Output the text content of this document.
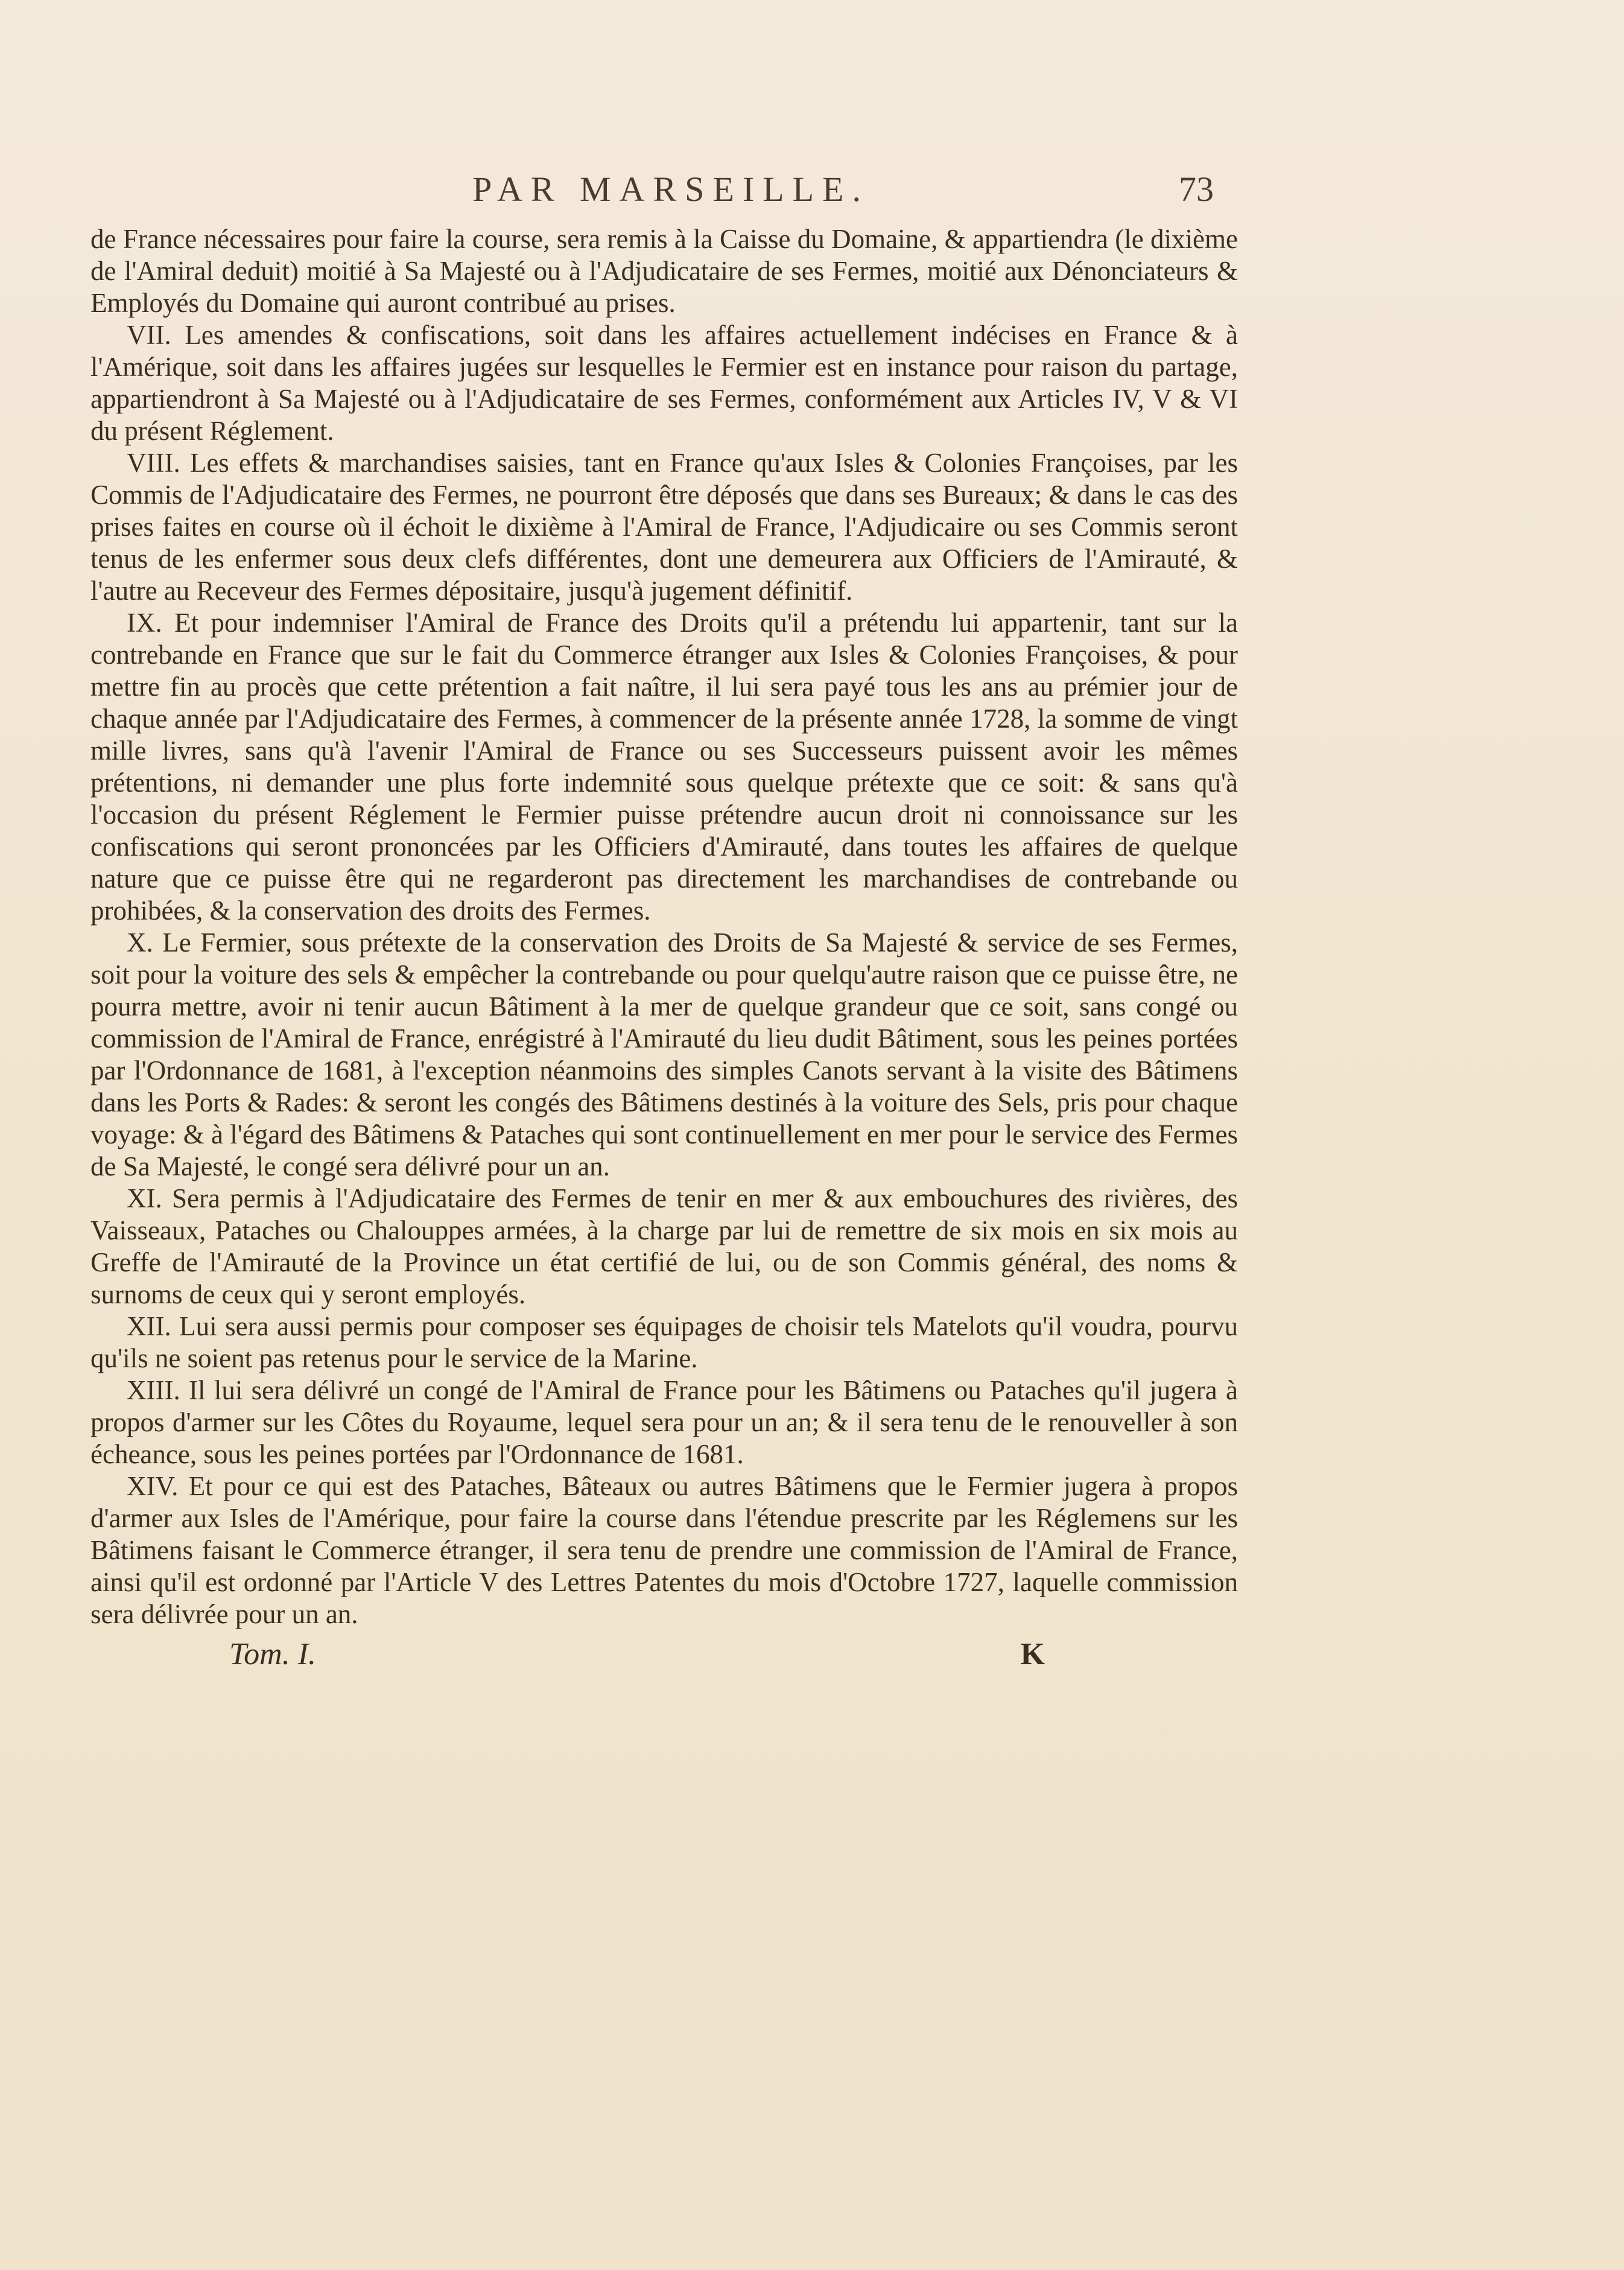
PAR MARSEILLE.	73

de France nécessaires pour faire la course, sera remis à la Caisse du Domaine, & appartiendra (le dixième de l'Amiral deduit) moitié à Sa Majesté ou à l'Adjudicataire de ses Fermes, moitié aux Dénonciateurs & Employés du Domaine qui auront contribué au prises.

VII. Les amendes & confiscations, soit dans les affaires actuellement indécises en France & à l'Amérique, soit dans les affaires jugées sur lesquelles le Fermier est en instance pour raison du partage, appartiendront à Sa Majesté ou à l'Adjudicataire de ses Fermes, conformément aux Articles IV, V & VI du présent Réglement.

VIII. Les effets & marchandises saisies, tant en France qu'aux Isles & Colonies Françoises, par les Commis de l'Adjudicataire des Fermes, ne pourront être déposés que dans ses Bureaux; & dans le cas des prises faites en course où il échoit le dixième à l'Amiral de France, l'Adjudicaire ou ses Commis seront tenus de les enfermer sous deux clefs différentes, dont une demeurera aux Officiers de l'Amirauté, & l'autre au Receveur des Fermes dépositaire, jusqu'à jugement définitif.

IX. Et pour indemniser l'Amiral de France des Droits qu'il a prétendu lui appartenir, tant sur la contrebande en France que sur le fait du Commerce étranger aux Isles & Colonies Françoises, & pour mettre fin au procès que cette prétention a fait naître, il lui sera payé tous les ans au prémier jour de chaque année par l'Adjudicataire des Fermes, à commencer de la présente année 1728, la somme de vingt mille livres, sans qu'à l'avenir l'Amiral de France ou ses Successeurs puissent avoir les mêmes prétentions, ni demander une plus forte indemnité sous quelque prétexte que ce soit: & sans qu'à l'occasion du présent Réglement le Fermier puisse prétendre aucun droit ni connoissance sur les confiscations qui seront prononcées par les Officiers d'Amirauté, dans toutes les affaires de quelque nature que ce puisse être qui ne regarderont pas directement les marchandises de contrebande ou prohibées, & la conservation des droits des Fermes.

X. Le Fermier, sous prétexte de la conservation des Droits de Sa Majesté & service de ses Fermes, soit pour la voiture des sels & empêcher la contrebande ou pour quelqu'autre raison que ce puisse être, ne pourra mettre, avoir ni tenir aucun Bâtiment à la mer de quelque grandeur que ce soit, sans congé ou commission de l'Amiral de France, enrégistré à l'Amirauté du lieu dudit Bâtiment, sous les peines portées par l'Ordonnance de 1681, à l'exception néanmoins des simples Canots servant à la visite des Bâtimens dans les Ports & Rades: & seront les congés des Bâtimens destinés à la voiture des Sels, pris pour chaque voyage: & à l'égard des Bâtimens & Pataches qui sont continuellement en mer pour le service des Fermes de Sa Majesté, le congé sera délivré pour un an.

XI. Sera permis à l'Adjudicataire des Fermes de tenir en mer & aux embouchures des rivières, des Vaisseaux, Pataches ou Chalouppes armées, à la charge par lui de remettre de six mois en six mois au Greffe de l'Amirauté de la Province un état certifié de lui, ou de son Commis général, des noms & surnoms de ceux qui y seront employés.

XII. Lui sera aussi permis pour composer ses équipages de choisir tels Matelots qu'il voudra, pourvu qu'ils ne soient pas retenus pour le service de la Marine.

XIII. Il lui sera délivré un congé de l'Amiral de France pour les Bâtimens ou Pataches qu'il jugera à propos d'armer sur les Côtes du Royaume, lequel sera pour un an; & il sera tenu de le renouveller à son écheance, sous les peines portées par l'Ordonnance de 1681.

XIV. Et pour ce qui est des Pataches, Bâteaux ou autres Bâtimens que le Fermier jugera à propos d'armer aux Isles de l'Amérique, pour faire la course dans l'étendue prescrite par les Réglemens sur les Bâtimens faisant le Commerce étranger, il sera tenu de prendre une commission de l'Amiral de France, ainsi qu'il est ordonné par l'Article V des Lettres Patentes du mois d'Octobre 1727, laquelle commission sera délivrée pour un an.

Tom. I.	K
